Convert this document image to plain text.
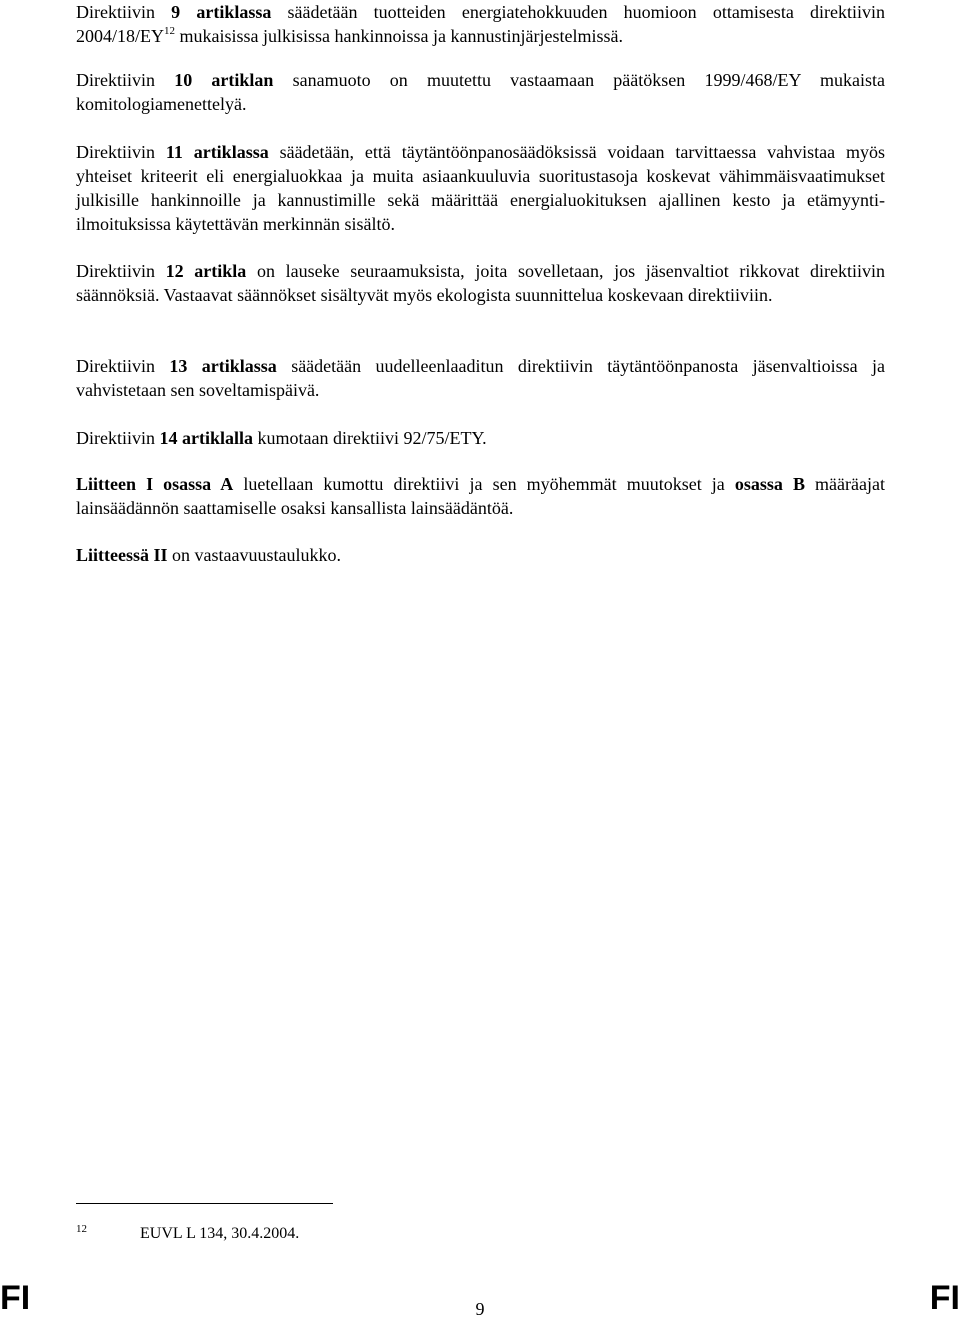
Direktiivin 9 artiklassa säädetään tuotteiden energiatehokkuuden huomioon ottamisesta direktiivin 2004/18/EY$^{12}$ mukaisissa julkisissa hankinnoissa ja kannustinjärjestelmissä.

Direktiivin 10 artiklan sanamuoto on muutettu vastaamaan päätöksen 1999/468/EY mukaista komitologiamenettelyä.

Direktiivin 11 artiklassa säädetään, että täytäntöönpanosäädöksissä voidaan tarvittaessa vahvistaa myös yhteiset kriteerit eli energialuokkaa ja muita asiaankuuluvia suoritustasoja koskevat vähimmäisvaatimukset julkisille hankinnoille ja kannustimille sekä määrittää energialuokituksen ajallinen kesto ja etämyynti-ilmoituksissa käytettävän merkinnän sisältö.

Direktiivin 12 artikla on lauseke seuraamuksista, joita sovelletaan, jos jäsenvaltiot rikkovat direktiivin säännöksiä. Vastaavat säännökset sisältyvät myös ekologista suunnittelua koskevaan direktiiviin.

Direktiivin 13 artiklassa säädetään uudelleenlaaditun direktiivin täytäntöönpanosta jäsenvaltioissa ja vahvistetaan sen soveltamispäivä.

Direktiivin 14 artiklalla kumotaan direktiivi 92/75/ETY.

Liitteen I osassa A luetellaan kumottu direktiivi ja sen myöhemmät muutokset ja osassa B määräajat lainsäädännön saattamiselle osaksi kansallista lainsäädäntöä.

Liitteessä II on vastaavuustaulukko.

12	EUVL L 134, 30.4.2004.
FI	9	FI
